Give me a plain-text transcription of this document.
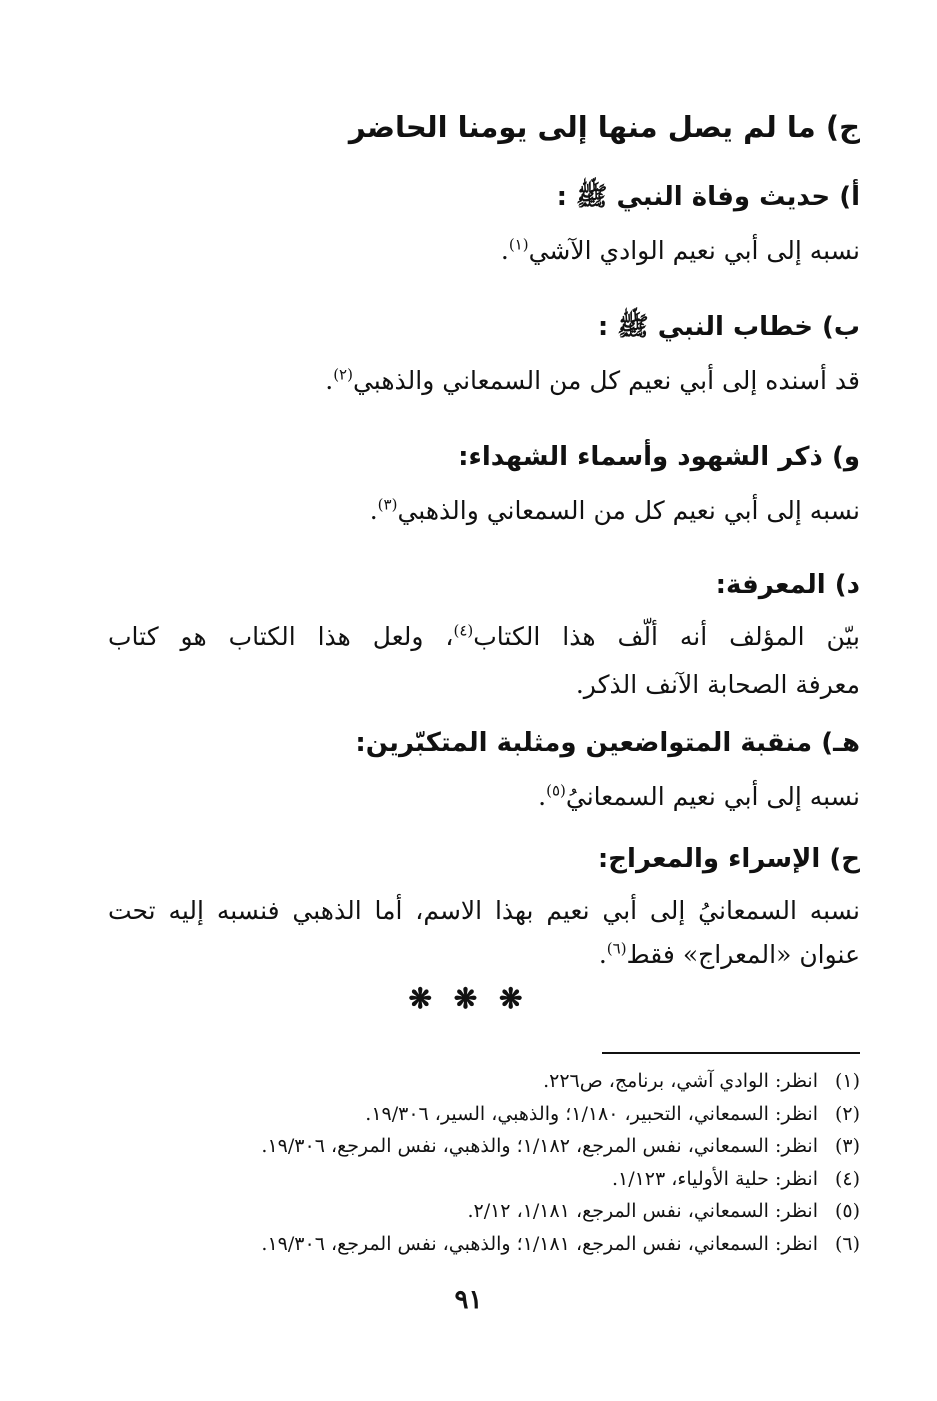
ج) ما لم يصل منها إلى يومنا الحاضر
أ) حديث وفاة النبي ﷺ :
نسبه إلى أبي نعيم الوادي الآشي$^{(١)}$.
ب) خطاب النبي ﷺ :
قد أسنده إلى أبي نعيم كل من السمعاني والذهبي$^{(٢)}$.
و) ذكر الشهود وأسماء الشهداء:
نسبه إلى أبي نعيم كل من السمعاني والذهبي$^{(٣)}$.
د) المعرفة:
بيّن المؤلف أنه ألّف هذا الكتاب$^{(٤)}$، ولعل هذا الكتاب هو كتاب
معرفة الصحابة الآنف الذكر.
هـ) منقبة المتواضعين ومثلبة المتكبّرين:
نسبه إلى أبي نعيم السمعانيُ$^{(٥)}$.
ح) الإسراء والمعراج:
نسبه السمعانيُ إلى أبي نعيم بهذا الاسم، أما الذهبي فنسبه إليه تحت
عنوان «المعراج» فقط$^{(٦)}$.
❋ ❋ ❋
(١)انظر: الوادي آشي، برنامج، ص٢٢٦.
(٢)انظر: السمعاني، التحبير، ١/١٨٠؛ والذهبي، السير، ١٩/٣٠٦.
(٣)انظر: السمعاني، نفس المرجع، ١/١٨٢؛ والذهبي، نفس المرجع، ١٩/٣٠٦.
(٤)انظر: حلية الأولياء، ١/١٢٣.
(٥)انظر: السمعاني، نفس المرجع، ١/١٨١، ٢/١٢.
(٦)انظر: السمعاني، نفس المرجع، ١/١٨١؛ والذهبي، نفس المرجع، ١٩/٣٠٦.
٩١
